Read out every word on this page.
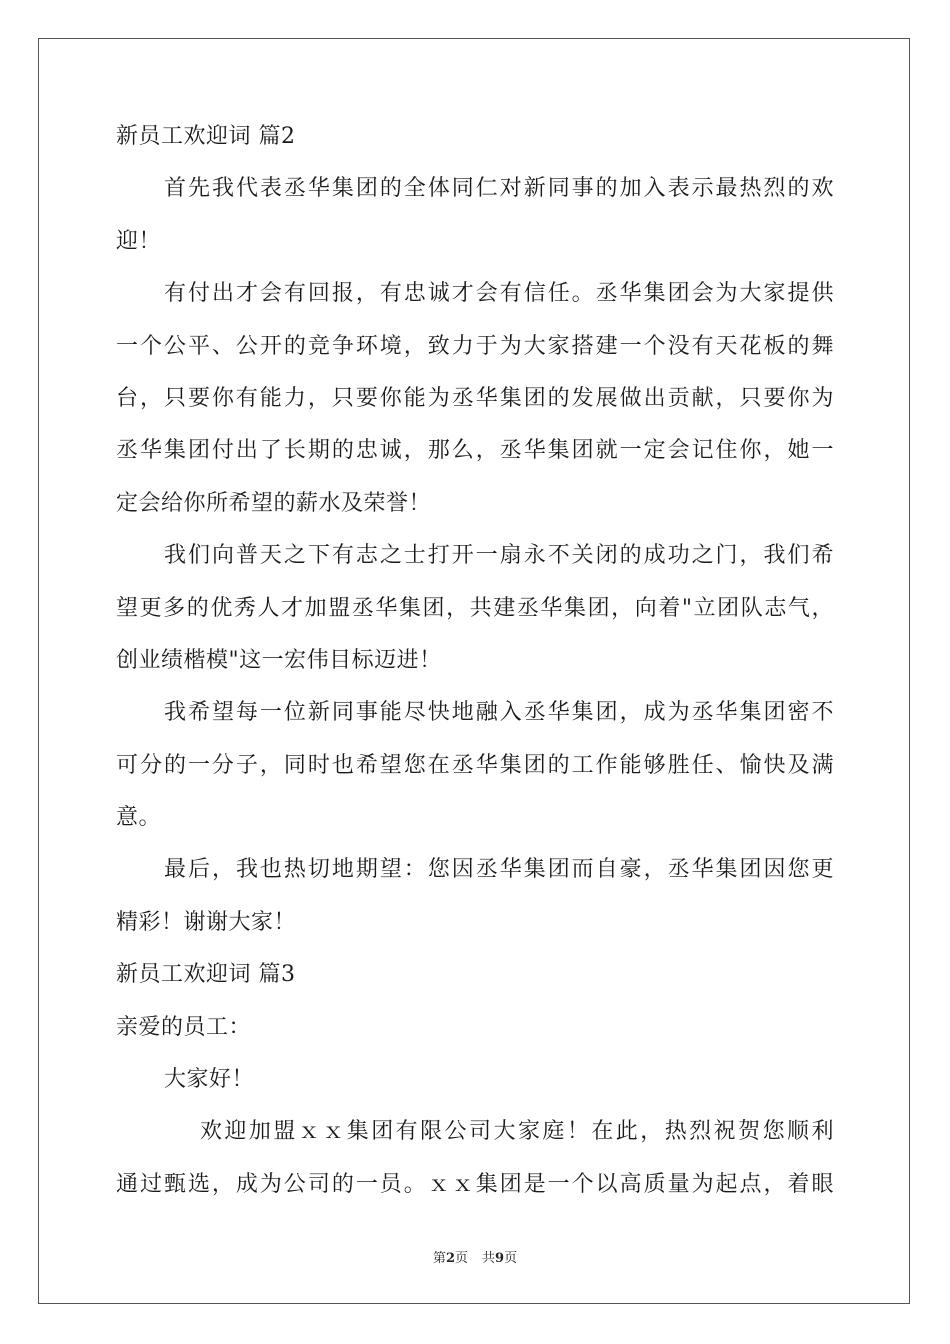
新员工欢迎词 篇2
首先我代表丞华集团的全体同仁对新同事的加入表示最热烈的欢
迎！
有付出才会有回报，有忠诚才会有信任。丞华集团会为大家提供
一个公平、公开的竞争环境，致力于为大家搭建一个没有天花板的舞
台，只要你有能力，只要你能为丞华集团的发展做出贡献，只要你为
丞华集团付出了长期的忠诚，那么，丞华集团就一定会记住你，她一
定会给你所希望的薪水及荣誉！
我们向普天之下有志之士打开一扇永不关闭的成功之门，我们希
望更多的优秀人才加盟丞华集团，共建丞华集团，向着"立团队志气，
创业绩楷模"这一宏伟目标迈进！
我希望每一位新同事能尽快地融入丞华集团，成为丞华集团密不
可分的一分子，同时也希望您在丞华集团的工作能够胜任、愉快及满
意。
最后，我也热切地期望：您因丞华集团而自豪，丞华集团因您更
精彩！谢谢大家！
新员工欢迎词 篇3
亲爱的员工：
大家好！
欢迎加盟ｘｘ集团有限公司大家庭！在此，热烈祝贺您顺利
通过甄选，成为公司的一员。ｘｘ集团是一个以高质量为起点，着眼
第2页 共9页
